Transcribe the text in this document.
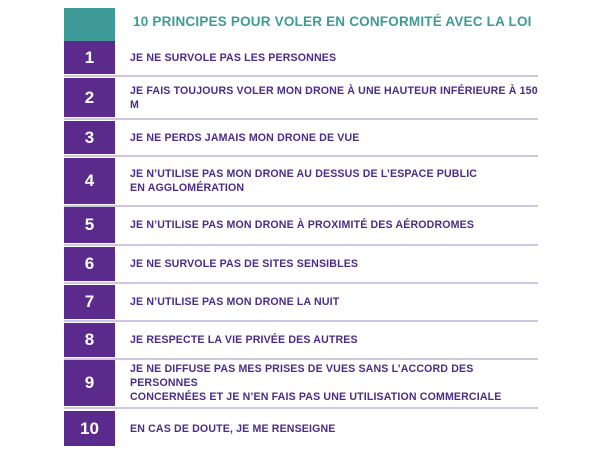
10 PRINCIPES POUR VOLER EN CONFORMITÉ AVEC LA LOI
1	JE NE SURVOLE PAS LES PERSONNES
2	JE FAIS TOUJOURS VOLER MON DRONE À UNE HAUTEUR INFÉRIEURE À 150 M
3	JE NE PERDS JAMAIS MON DRONE DE VUE
4	JE N’UTILISE PAS MON DRONE AU DESSUS DE L’ESPACE PUBLIC
EN AGGLOMÉRATION
5	JE N’UTILISE PAS MON DRONE À PROXIMITÉ DES AÉRODROMES
6	JE NE SURVOLE PAS DE SITES SENSIBLES
7	JE N’UTILISE PAS MON DRONE LA NUIT
8	JE RESPECTE LA VIE PRIVÉE DES AUTRES
9
JE NE DIFFUSE PAS MES PRISES DE VUES SANS L’ACCORD DES PERSONNES
CONCERNÉES ET JE N’EN FAIS PAS UNE UTILISATION COMMERCIALE
10	EN CAS DE DOUTE, JE ME RENSEIGNE
